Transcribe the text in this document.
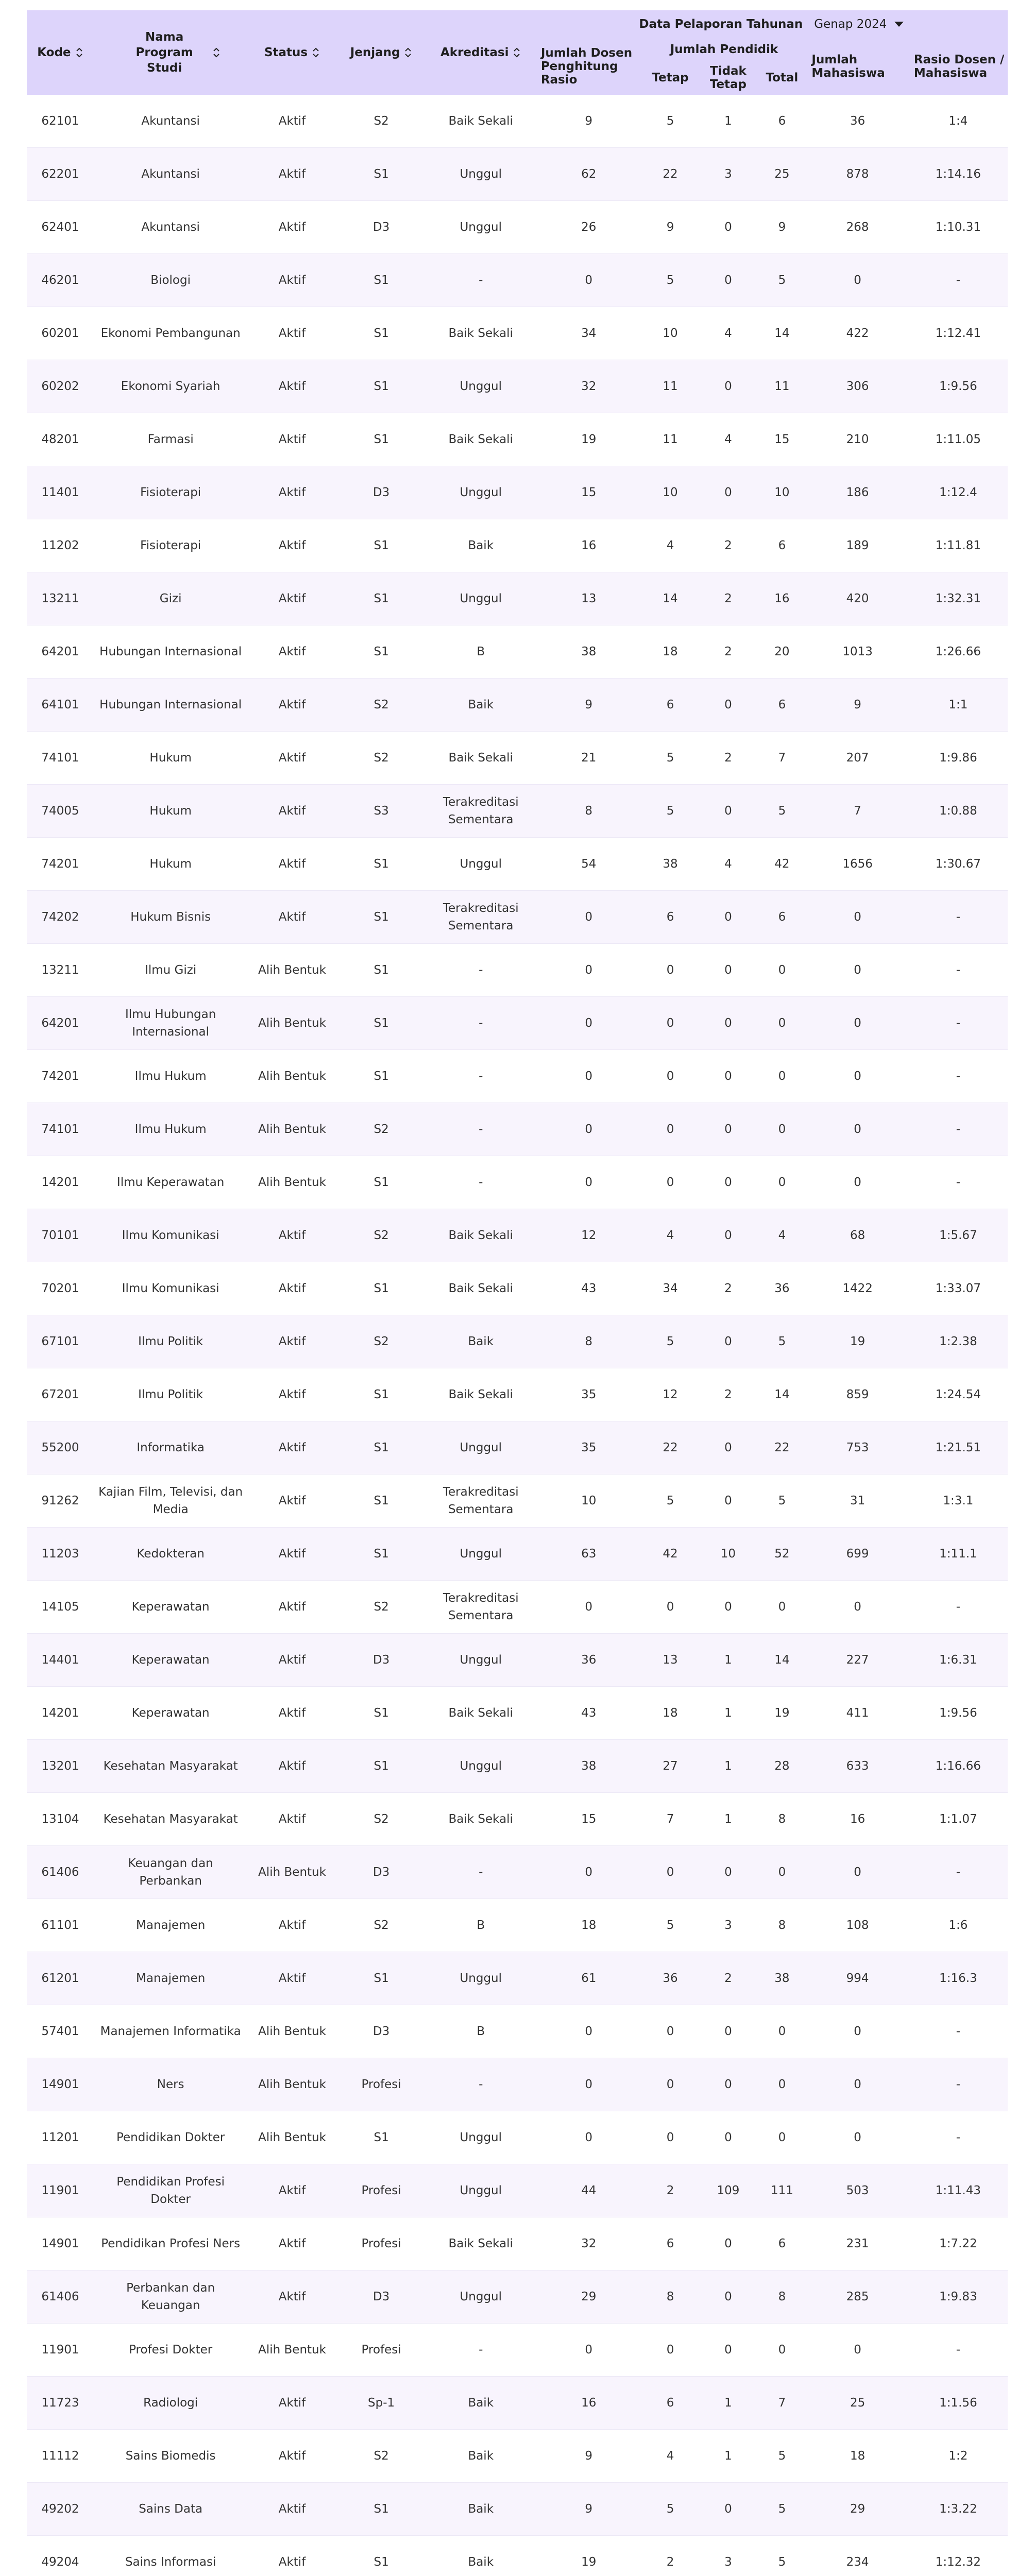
Kode	Nama Program Studi	Status	Jenjang	Akreditasi	Data Pelaporan Tahunan Genap 2024					

					Jumlah Dosen Penghitung Rasio	Jumlah Pendidik			Jumlah Mahasiswa	Rasio Dosen / Mahasiswa
						Tetap	Tidak Tetap	Total		
62101	Akuntansi	Aktif	S2	Baik Sekali	9	5	1	6	36	1:4
62201	Akuntansi	Aktif	S1	Unggul	62	22	3	25	878	1:14.16
62401	Akuntansi	Aktif	D3	Unggul	26	9	0	9	268	1:10.31
46201	Biologi	Aktif	S1	-	0	5	0	5	0	-
60201	Ekonomi Pembangunan	Aktif	S1	Baik Sekali	34	10	4	14	422	1:12.41
60202	Ekonomi Syariah	Aktif	S1	Unggul	32	11	0	11	306	1:9.56
48201	Farmasi	Aktif	S1	Baik Sekali	19	11	4	15	210	1:11.05
11401	Fisioterapi	Aktif	D3	Unggul	15	10	0	10	186	1:12.4
11202	Fisioterapi	Aktif	S1	Baik	16	4	2	6	189	1:11.81
13211	Gizi	Aktif	S1	Unggul	13	14	2	16	420	1:32.31
64201	Hubungan Internasional	Aktif	S1	B	38	18	2	20	1013	1:26.66
64101	Hubungan Internasional	Aktif	S2	Baik	9	6	0	6	9	1:1
74101	Hukum	Aktif	S2	Baik Sekali	21	5	2	7	207	1:9.86
74005	Hukum	Aktif	S3	Terakreditasi Sementara	8	5	0	5	7	1:0.88
74201	Hukum	Aktif	S1	Unggul	54	38	4	42	1656	1:30.67
74202	Hukum Bisnis	Aktif	S1	Terakreditasi Sementara	0	6	0	6	0	-
13211	Ilmu Gizi	Alih Bentuk	S1	-	0	0	0	0	0	-
64201	Ilmu Hubungan Internasional	Alih Bentuk	S1	-	0	0	0	0	0	-
74201	Ilmu Hukum	Alih Bentuk	S1	-	0	0	0	0	0	-
74101	Ilmu Hukum	Alih Bentuk	S2	-	0	0	0	0	0	-
14201	Ilmu Keperawatan	Alih Bentuk	S1	-	0	0	0	0	0	-
70101	Ilmu Komunikasi	Aktif	S2	Baik Sekali	12	4	0	4	68	1:5.67
70201	Ilmu Komunikasi	Aktif	S1	Baik Sekali	43	34	2	36	1422	1:33.07
67101	Ilmu Politik	Aktif	S2	Baik	8	5	0	5	19	1:2.38
67201	Ilmu Politik	Aktif	S1	Baik Sekali	35	12	2	14	859	1:24.54
55200	Informatika	Aktif	S1	Unggul	35	22	0	22	753	1:21.51
91262	Kajian Film, Televisi, dan Media	Aktif	S1	Terakreditasi Sementara	10	5	0	5	31	1:3.1
11203	Kedokteran	Aktif	S1	Unggul	63	42	10	52	699	1:11.1
14105	Keperawatan	Aktif	S2	Terakreditasi Sementara	0	0	0	0	0	-
14401	Keperawatan	Aktif	D3	Unggul	36	13	1	14	227	1:6.31
14201	Keperawatan	Aktif	S1	Baik Sekali	43	18	1	19	411	1:9.56
13201	Kesehatan Masyarakat	Aktif	S1	Unggul	38	27	1	28	633	1:16.66
13104	Kesehatan Masyarakat	Aktif	S2	Baik Sekali	15	7	1	8	16	1:1.07
61406	Keuangan dan Perbankan	Alih Bentuk	D3	-	0	0	0	0	0	-
61101	Manajemen	Aktif	S2	B	18	5	3	8	108	1:6
61201	Manajemen	Aktif	S1	Unggul	61	36	2	38	994	1:16.3
57401	Manajemen Informatika	Alih Bentuk	D3	B	0	0	0	0	0	-
14901	Ners	Alih Bentuk	Profesi	-	0	0	0	0	0	-
11201	Pendidikan Dokter	Alih Bentuk	S1	Unggul	0	0	0	0	0	-
11901	Pendidikan Profesi Dokter	Aktif	Profesi	Unggul	44	2	109	111	503	1:11.43
14901	Pendidikan Profesi Ners	Aktif	Profesi	Baik Sekali	32	6	0	6	231	1:7.22
61406	Perbankan dan Keuangan	Aktif	D3	Unggul	29	8	0	8	285	1:9.83
11901	Profesi Dokter	Alih Bentuk	Profesi	-	0	0	0	0	0	-
11723	Radiologi	Aktif	Sp-1	Baik	16	6	1	7	25	1:1.56
11112	Sains Biomedis	Aktif	S2	Baik	9	4	1	5	18	1:2
49202	Sains Data	Aktif	S1	Baik	9	5	0	5	29	1:3.22
49204	Sains Informasi	Aktif	S1	Baik	19	2	3	5	234	1:12.32
